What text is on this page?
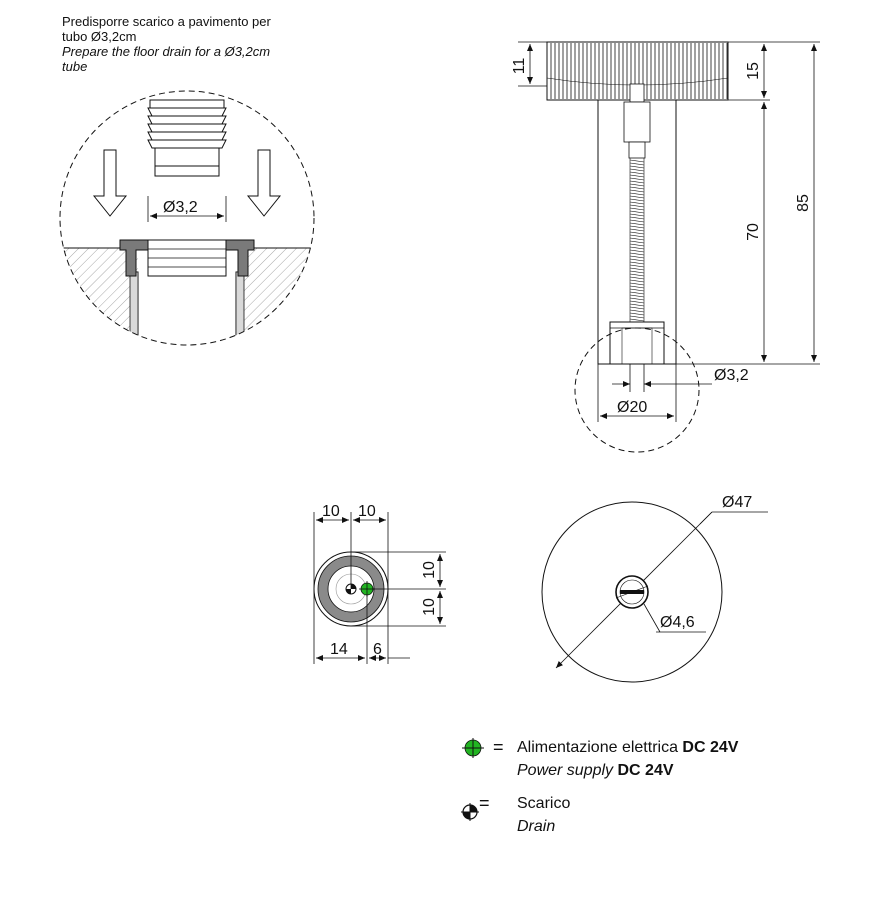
Predisporre scarico a pavimento per
tubo Ø3,2cm
Prepare the floor drain for a Ø3,2cm
tube
Ø3,2
11	15
70
85
Ø3,2
Ø20
10 10
10
10
14 6
Ø47
Ø4,6
= Alimentazione elettrica DC 24V
Power supply DC 24V
= Scarico
Drain
